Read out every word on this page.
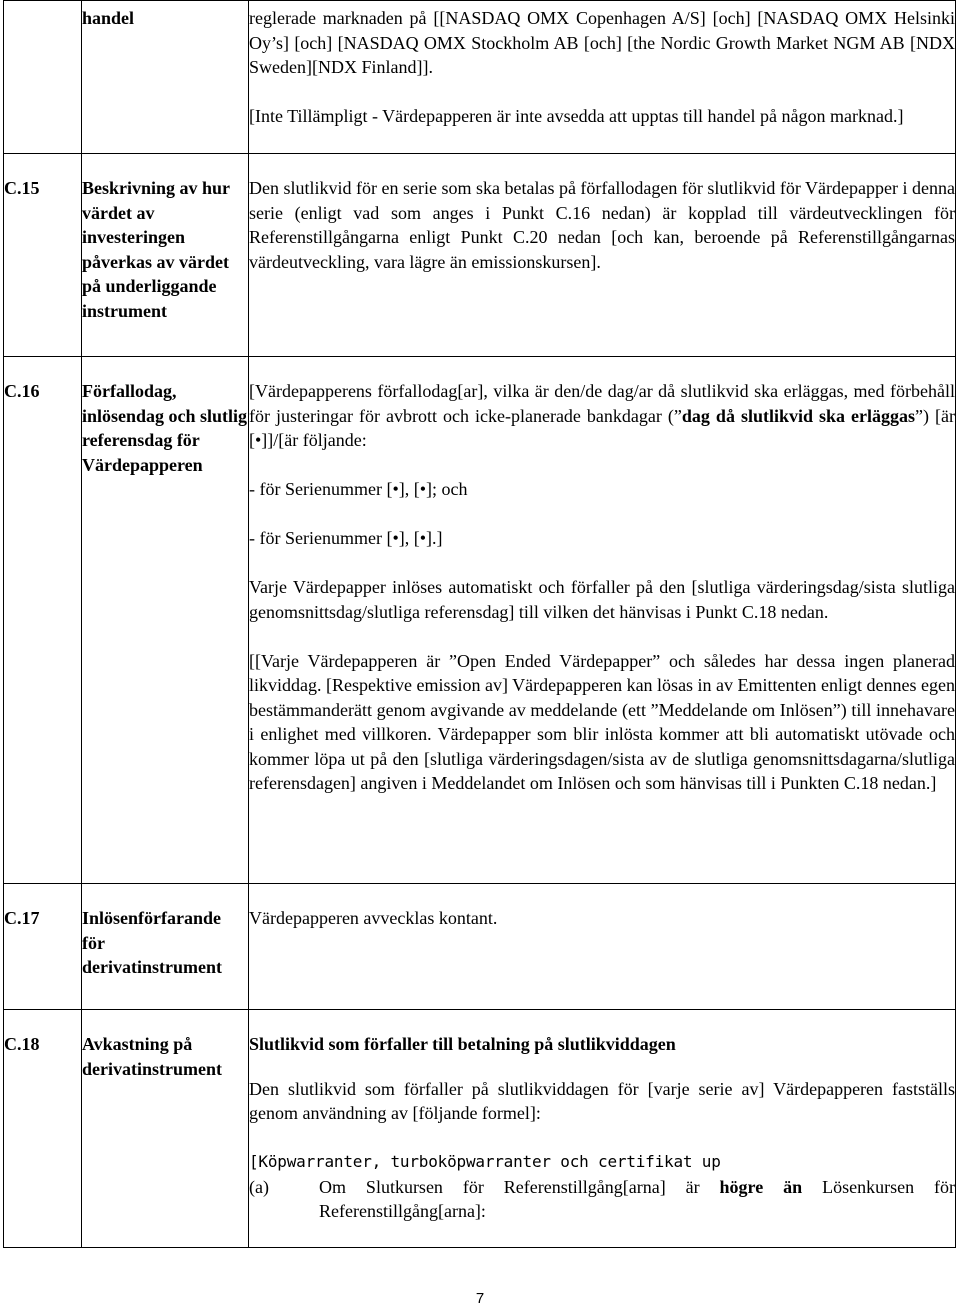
	handel	reglerade marknaden på [[NASDAQ OMX Copenhagen A/S] [och] [NASDAQ OMX Helsinki Oy’s] [och] [NASDAQ OMX Stockholm AB [och] [the Nordic Growth Market NGM AB [NDX Sweden][NDX Finland]].

[Inte Tillämpligt - Värdepapperen är inte avsedda att upptas till handel på någon marknad.]

C.15	Beskrivning av hur värdet av investeringen påverkas av värdet på underliggande instrument	Den slutlikvid för en serie som ska betalas på förfallodagen för slutlikvid för Värdepapper i denna serie (enligt vad som anges i Punkt C.16 nedan) är kopplad till värdeutvecklingen för Referenstillgångarna enligt Punkt C.20 nedan [och kan, beroende på Referenstillgångarnas värdeutveckling, vara lägre än emissionskursen].

C.16	Förfallodag, inlösendag och slutlig referensdag för Värdepapperen	[Värdepapperens förfallodag[ar], vilka är den/de dag/ar då slutlikvid ska erläggas, med förbehåll för justeringar för avbrott och icke-planerade bankdagar (”dag då slutlikvid ska erläggas”) [är [•]]/[är följande:

- för Serienummer [•], [•]; och

- för Serienummer [•], [•].]

Varje Värdepapper inlöses automatiskt och förfaller på den [slutliga värderingsdag/sista slutliga genomsnittsdag/slutliga referensdag] till vilken det hänvisas i Punkt C.18 nedan.

[[Varje Värdepapperen är ”Open Ended Värdepapper” och således har dessa ingen planerad likviddag. [Respektive emission av] Värdepapperen kan lösas in av Emittenten enligt dennes egen bestämmanderätt genom avgivande av meddelande (ett ”Meddelande om Inlösen”) till innehavare i enlighet med villkoren. Värdepapper som blir inlösta kommer att bli automatiskt utövade och kommer löpa ut på den [slutliga värderingsdagen/sista av de slutliga genomsnittsdagarna/slutliga referensdagen] angiven i Meddelandet om Inlösen och som hänvisas till i Punkten C.18 nedan.]

C.17	Inlösenförfarande för derivatinstrument	Värdepapperen avvecklas kontant.

C.18	Avkastning på derivatinstrument	Slutlikvid som förfaller till betalning på slutlikviddagen

Den slutlikvid som förfaller på slutlikviddagen för [varje serie av] Värdepapperen fastställs genom användning av [följande formel]:

[Köpwarranter, turboköpwarranter och certifikat up

(a) Om Slutkursen för Referenstillgång[arna] är högre än Lösenkursen för Referenstillgång[arna]:
7
